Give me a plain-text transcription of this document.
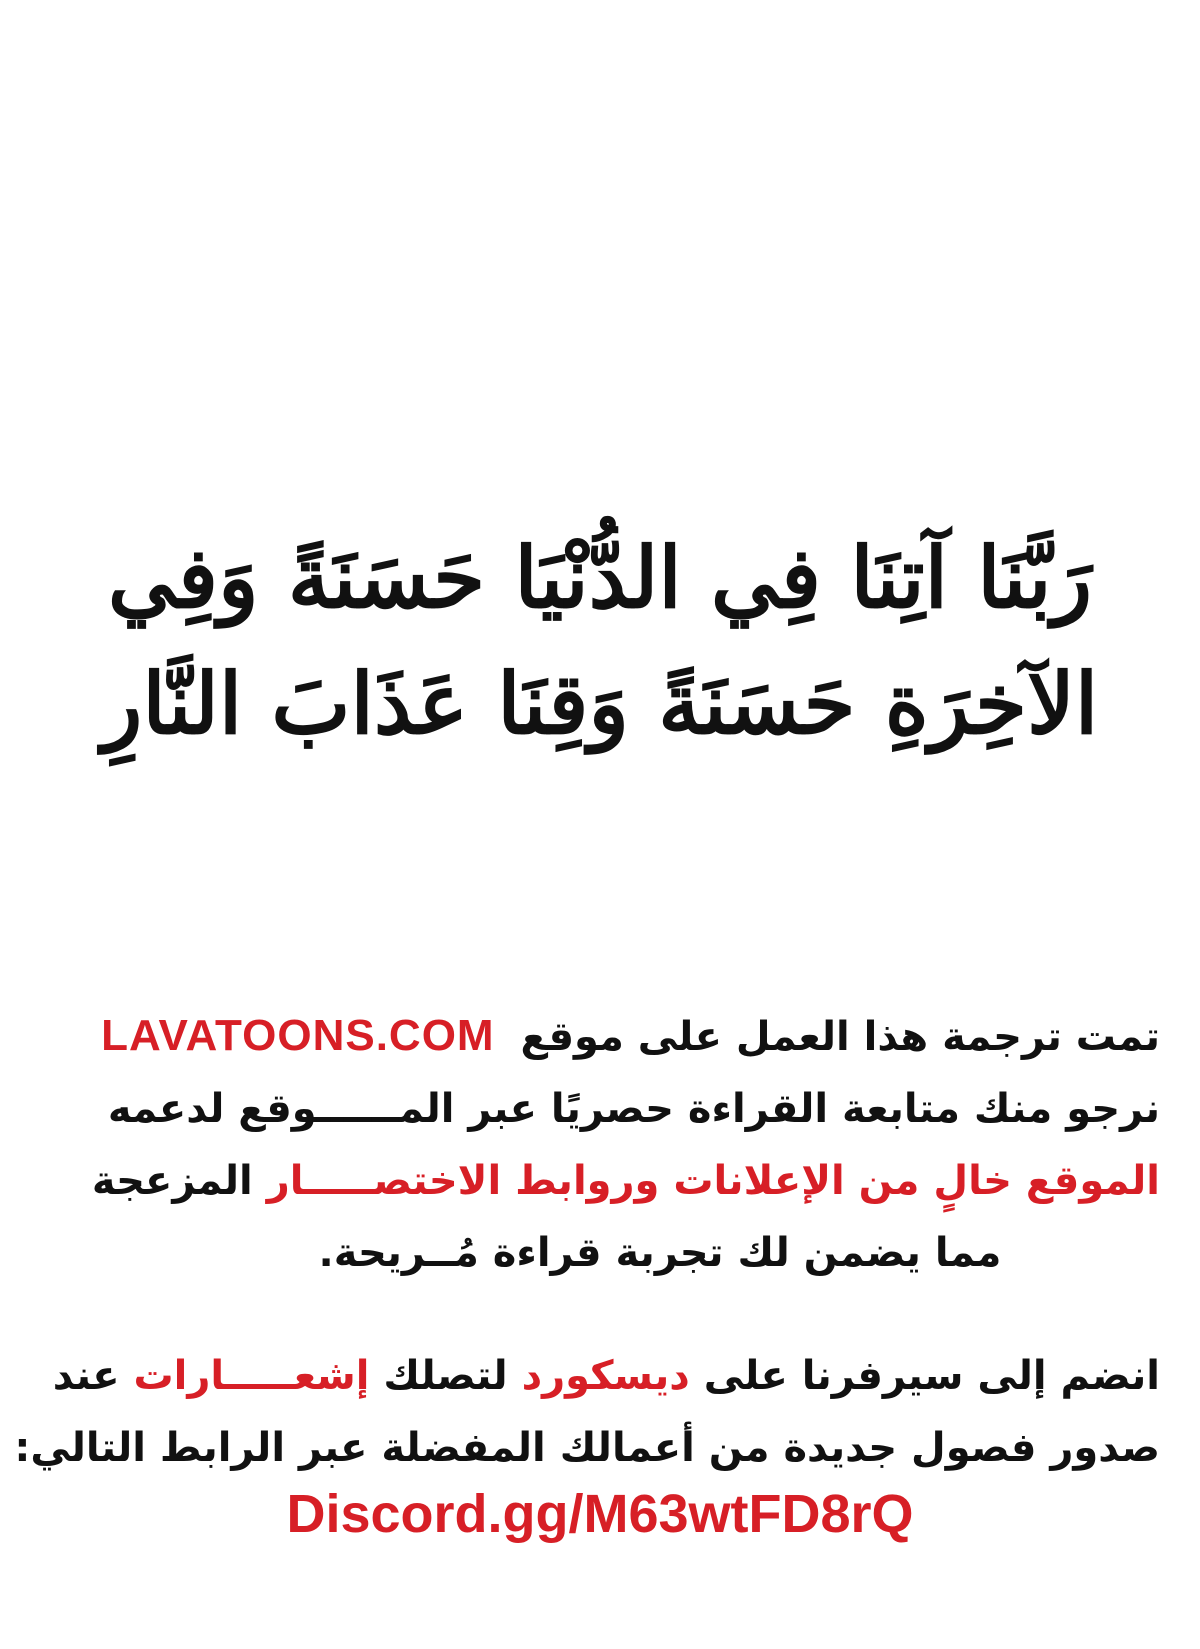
رَبَّنَا آتِنَا فِي الدُّنْيَا حَسَنَةً وَفِي
الآخِرَةِ حَسَنَةً وَقِنَا عَذَابَ النَّارِ
تمت ترجمة هذا العمل على موقع LAVATOONS.COM
نرجو منك متابعة القراءة حصريًا عبر المــــــوقع لدعمه
الموقع خالٍ من الإعلانات وروابط الاختصـــــار المزعجة
مما يضمن لك تجربة قراءة مُــريحة.
انضم إلى سيرفرنا على ديسكورد لتصلك إشعـــــارات عند
صدور فصول جديدة من أعمالك المفضلة عبر الرابط التالي:
Discord.gg/M63wtFD8rQ
